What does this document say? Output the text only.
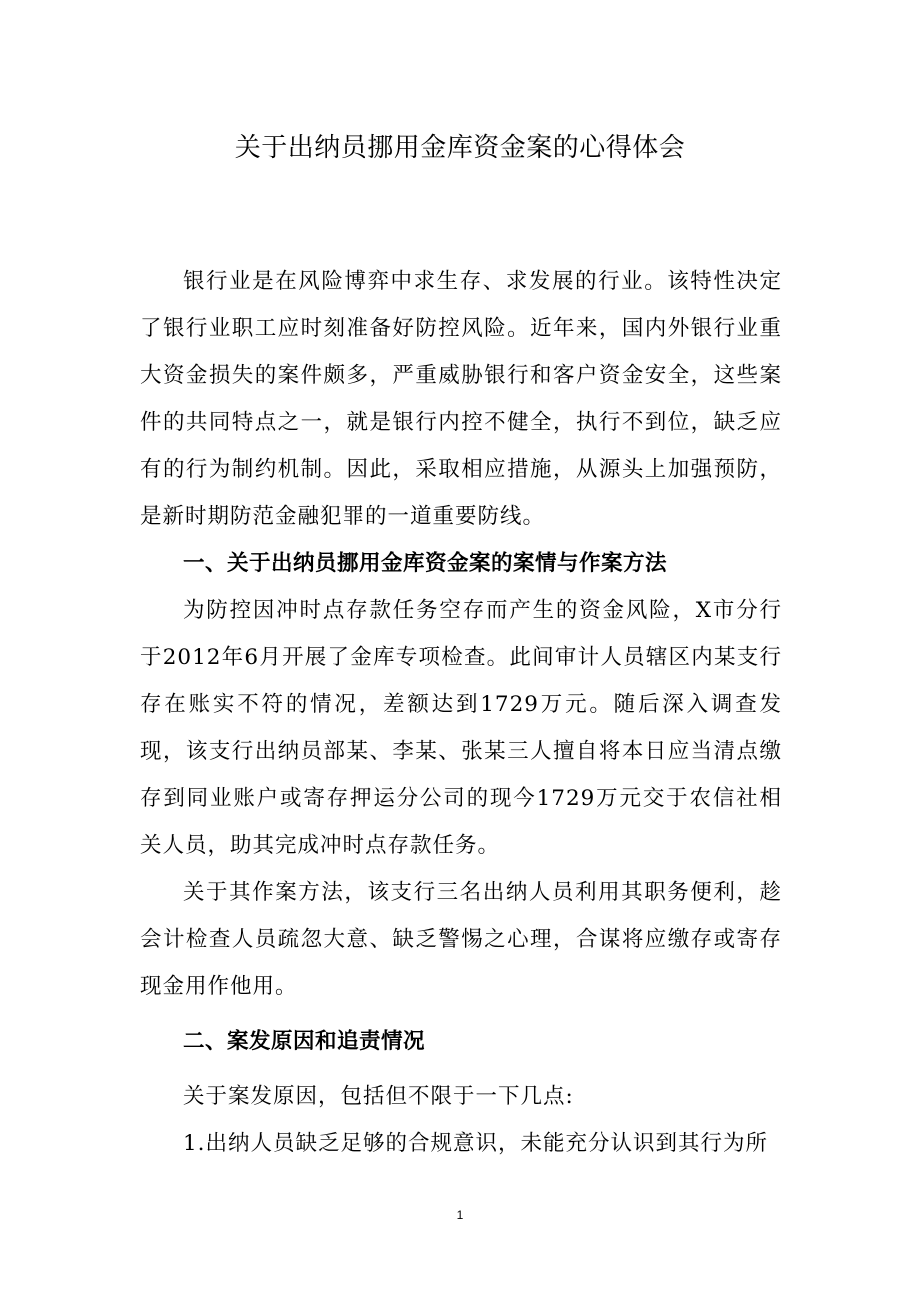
关于出纳员挪用金库资金案的心得体会

银行业是在风险博弈中求生存、求发展的行业。该特性决定了银行业职工应时刻准备好防控风险。近年来，国内外银行业重大资金损失的案件颇多，严重威胁银行和客户资金安全，这些案件的共同特点之一，就是银行内控不健全，执行不到位，缺乏应有的行为制约机制。因此，采取相应措施，从源头上加强预防，是新时期防范金融犯罪的一道重要防线。

一、关于出纳员挪用金库资金案的案情与作案方法

为防控因冲时点存款任务空存而产生的资金风险，X市分行于2012年6月开展了金库专项检查。此间审计人员辖区内某支行存在账实不符的情况，差额达到1729万元。随后深入调查发现，该支行出纳员部某、李某、张某三人擅自将本日应当清点缴存到同业账户或寄存押运分公司的现今1729万元交于农信社相关人员，助其完成冲时点存款任务。

关于其作案方法，该支行三名出纳人员利用其职务便利，趁会计检查人员疏忽大意、缺乏警惕之心理，合谋将应缴存或寄存现金用作他用。

二、案发原因和追责情况

关于案发原因，包括但不限于一下几点:

1.出纳人员缺乏足够的合规意识，未能充分认识到其行为所

1
